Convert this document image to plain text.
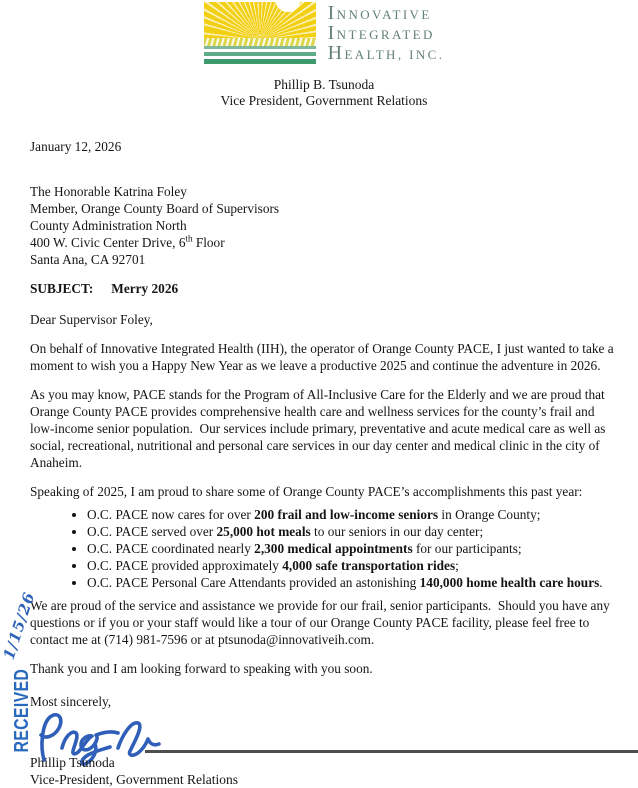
INNOVATIVE
INTEGRATED
HEALTH, INC.
Phillip B. Tsunoda
Vice President, Government Relations
January 12, 2026
The Honorable Katrina Foley
Member, Orange County Board of Supervisors
County Administration North
400 W. Civic Center Drive, 6th Floor
Santa Ana, CA 92701
SUBJECT: Merry 2026
Dear Supervisor Foley,
On behalf of Innovative Integrated Health (IIH), the operator of Orange County PACE, I just wanted to take a moment to wish you a Happy New Year as we leave a productive 2025 and continue the adventure in 2026.
As you may know, PACE stands for the Program of All-Inclusive Care for the Elderly and we are proud that Orange County PACE provides comprehensive health care and wellness services for the county’s frail and low-income senior population.  Our services include primary, preventative and acute medical care as well as social, recreational, nutritional and personal care services in our day center and medical clinic in the city of Anaheim.
Speaking of 2025, I am proud to share some of Orange County PACE’s accomplishments this past year:
• O.C. PACE now cares for over 200 frail and low-income seniors in Orange County;
• O.C. PACE served over 25,000 hot meals to our seniors in our day center;
• O.C. PACE coordinated nearly 2,300 medical appointments for our participants;
• O.C. PACE provided approximately 4,000 safe transportation rides;
• O.C. PACE Personal Care Attendants provided an astonishing 140,000 home health care hours.
We are proud of the service and assistance we provide for our frail, senior participants.  Should you have any questions or if you or your staff would like a tour of our Orange County PACE facility, please feel free to contact me at (714) 981-7596 or at ptsunoda@innovativeih.com.
Thank you and I am looking forward to speaking with you soon.
Most sincerely,
Phillip Tsunoda
Vice-President, Government Relations
RECEIVED
1/15/26
